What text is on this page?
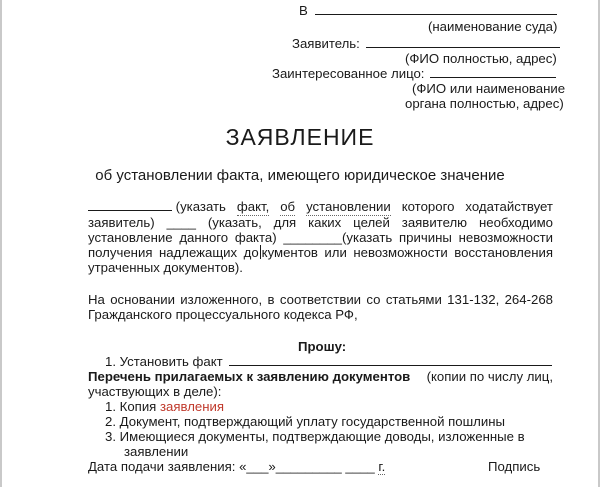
В
(наименование суда)
Заявитель:
(ФИО полностью, адрес)
Заинтересованное лицо:
(ФИО или наименование
органа полностью, адрес)
ЗАЯВЛЕНИЕ
об установлении факта, имеющего юридическое значение
(указать факт, об установлении которого ходатайствует
заявитель) ____ (указать, для каких целей заявителю необходимо
установление данного факта) ________(указать причины невозможности
получения надлежащих до кументов или невозможности восстановления
утраченных документов).
На основании изложенного, в соответствии со статьями 131-132, 264-268
Гражданского процессуального кодекса РФ,
Прошу:
1. Установить факт
Перечень прилагаемых к заявлению документов (копии по числу лиц,
участвующих в деле):
1. Копия заявления
2. Документ, подтверждающий уплату государственной пошлины
3. Имеющиеся документы, подтверждающие доводы, изложенные в
заявлении
Дата подачи заявления: «___»_________ ____ г.	Подпись
